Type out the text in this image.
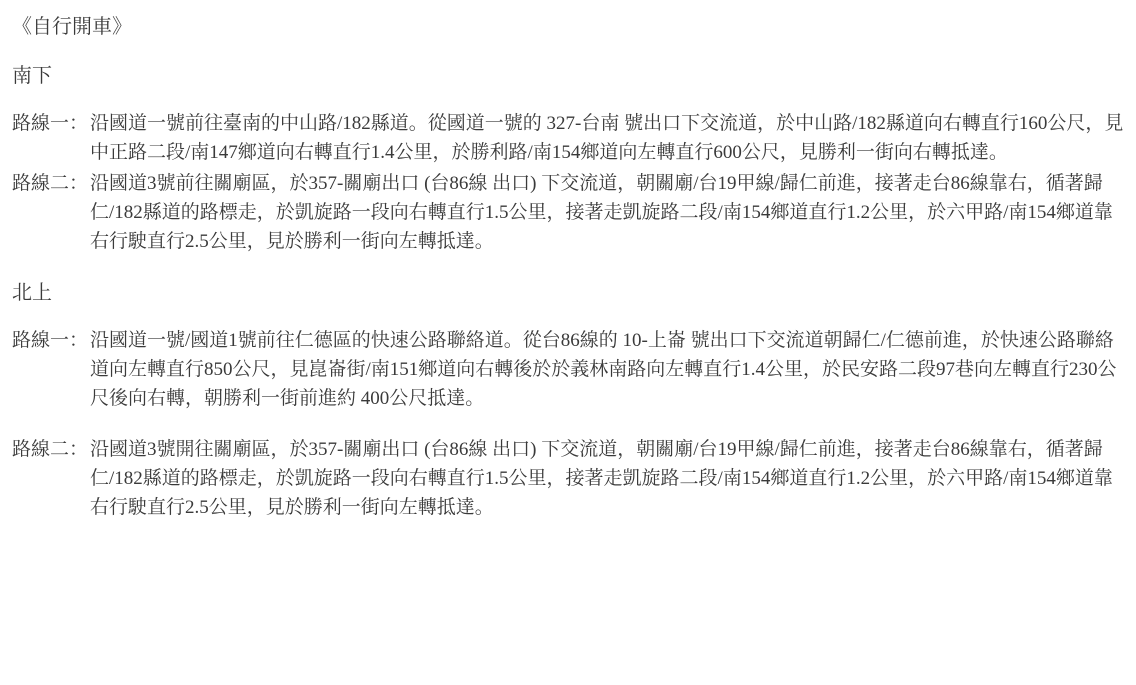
《自行開車》
南下
路線一： 沿國道一號前往臺南的中山路/182縣道。從國道一號的 327-台南 號出口下交流道，於中山路/182縣道向右轉直行160公尺，見中正路二段/南147鄉道向右轉直行1.4公里，於勝利路/南154鄉道向左轉直行600公尺，見勝利一街向右轉抵達。
路線二： 沿國道3號前往關廟區，於357-關廟出口 (台86線 出口) 下交流道，朝關廟/台19甲線/歸仁前進，接著走台86線靠右，循著歸仁/182縣道的路標走，於凱旋路一段向右轉直行1.5公里，接著走凱旋路二段/南154鄉道直行1.2公里，於六甲路/南154鄉道靠右行駛直行2.5公里，見於勝利一街向左轉抵達。
北上
路線一： 沿國道一號/國道1號前往仁德區的快速公路聯絡道。從台86線的 10-上崙 號出口下交流道朝歸仁/仁德前進，於快速公路聯絡道向左轉直行850公尺，見崑崙街/南151鄉道向右轉後於於義林南路向左轉直行1.4公里，於民安路二段97巷向左轉直行230公尺後向右轉，朝勝利一街前進約 400公尺抵達。
路線二： 沿國道3號開往關廟區，於357-關廟出口 (台86線 出口) 下交流道，朝關廟/台19甲線/歸仁前進，接著走台86線靠右，循著歸仁/182縣道的路標走，於凱旋路一段向右轉直行1.5公里，接著走凱旋路二段/南154鄉道直行1.2公里，於六甲路/南154鄉道靠右行駛直行2.5公里，見於勝利一街向左轉抵達。
